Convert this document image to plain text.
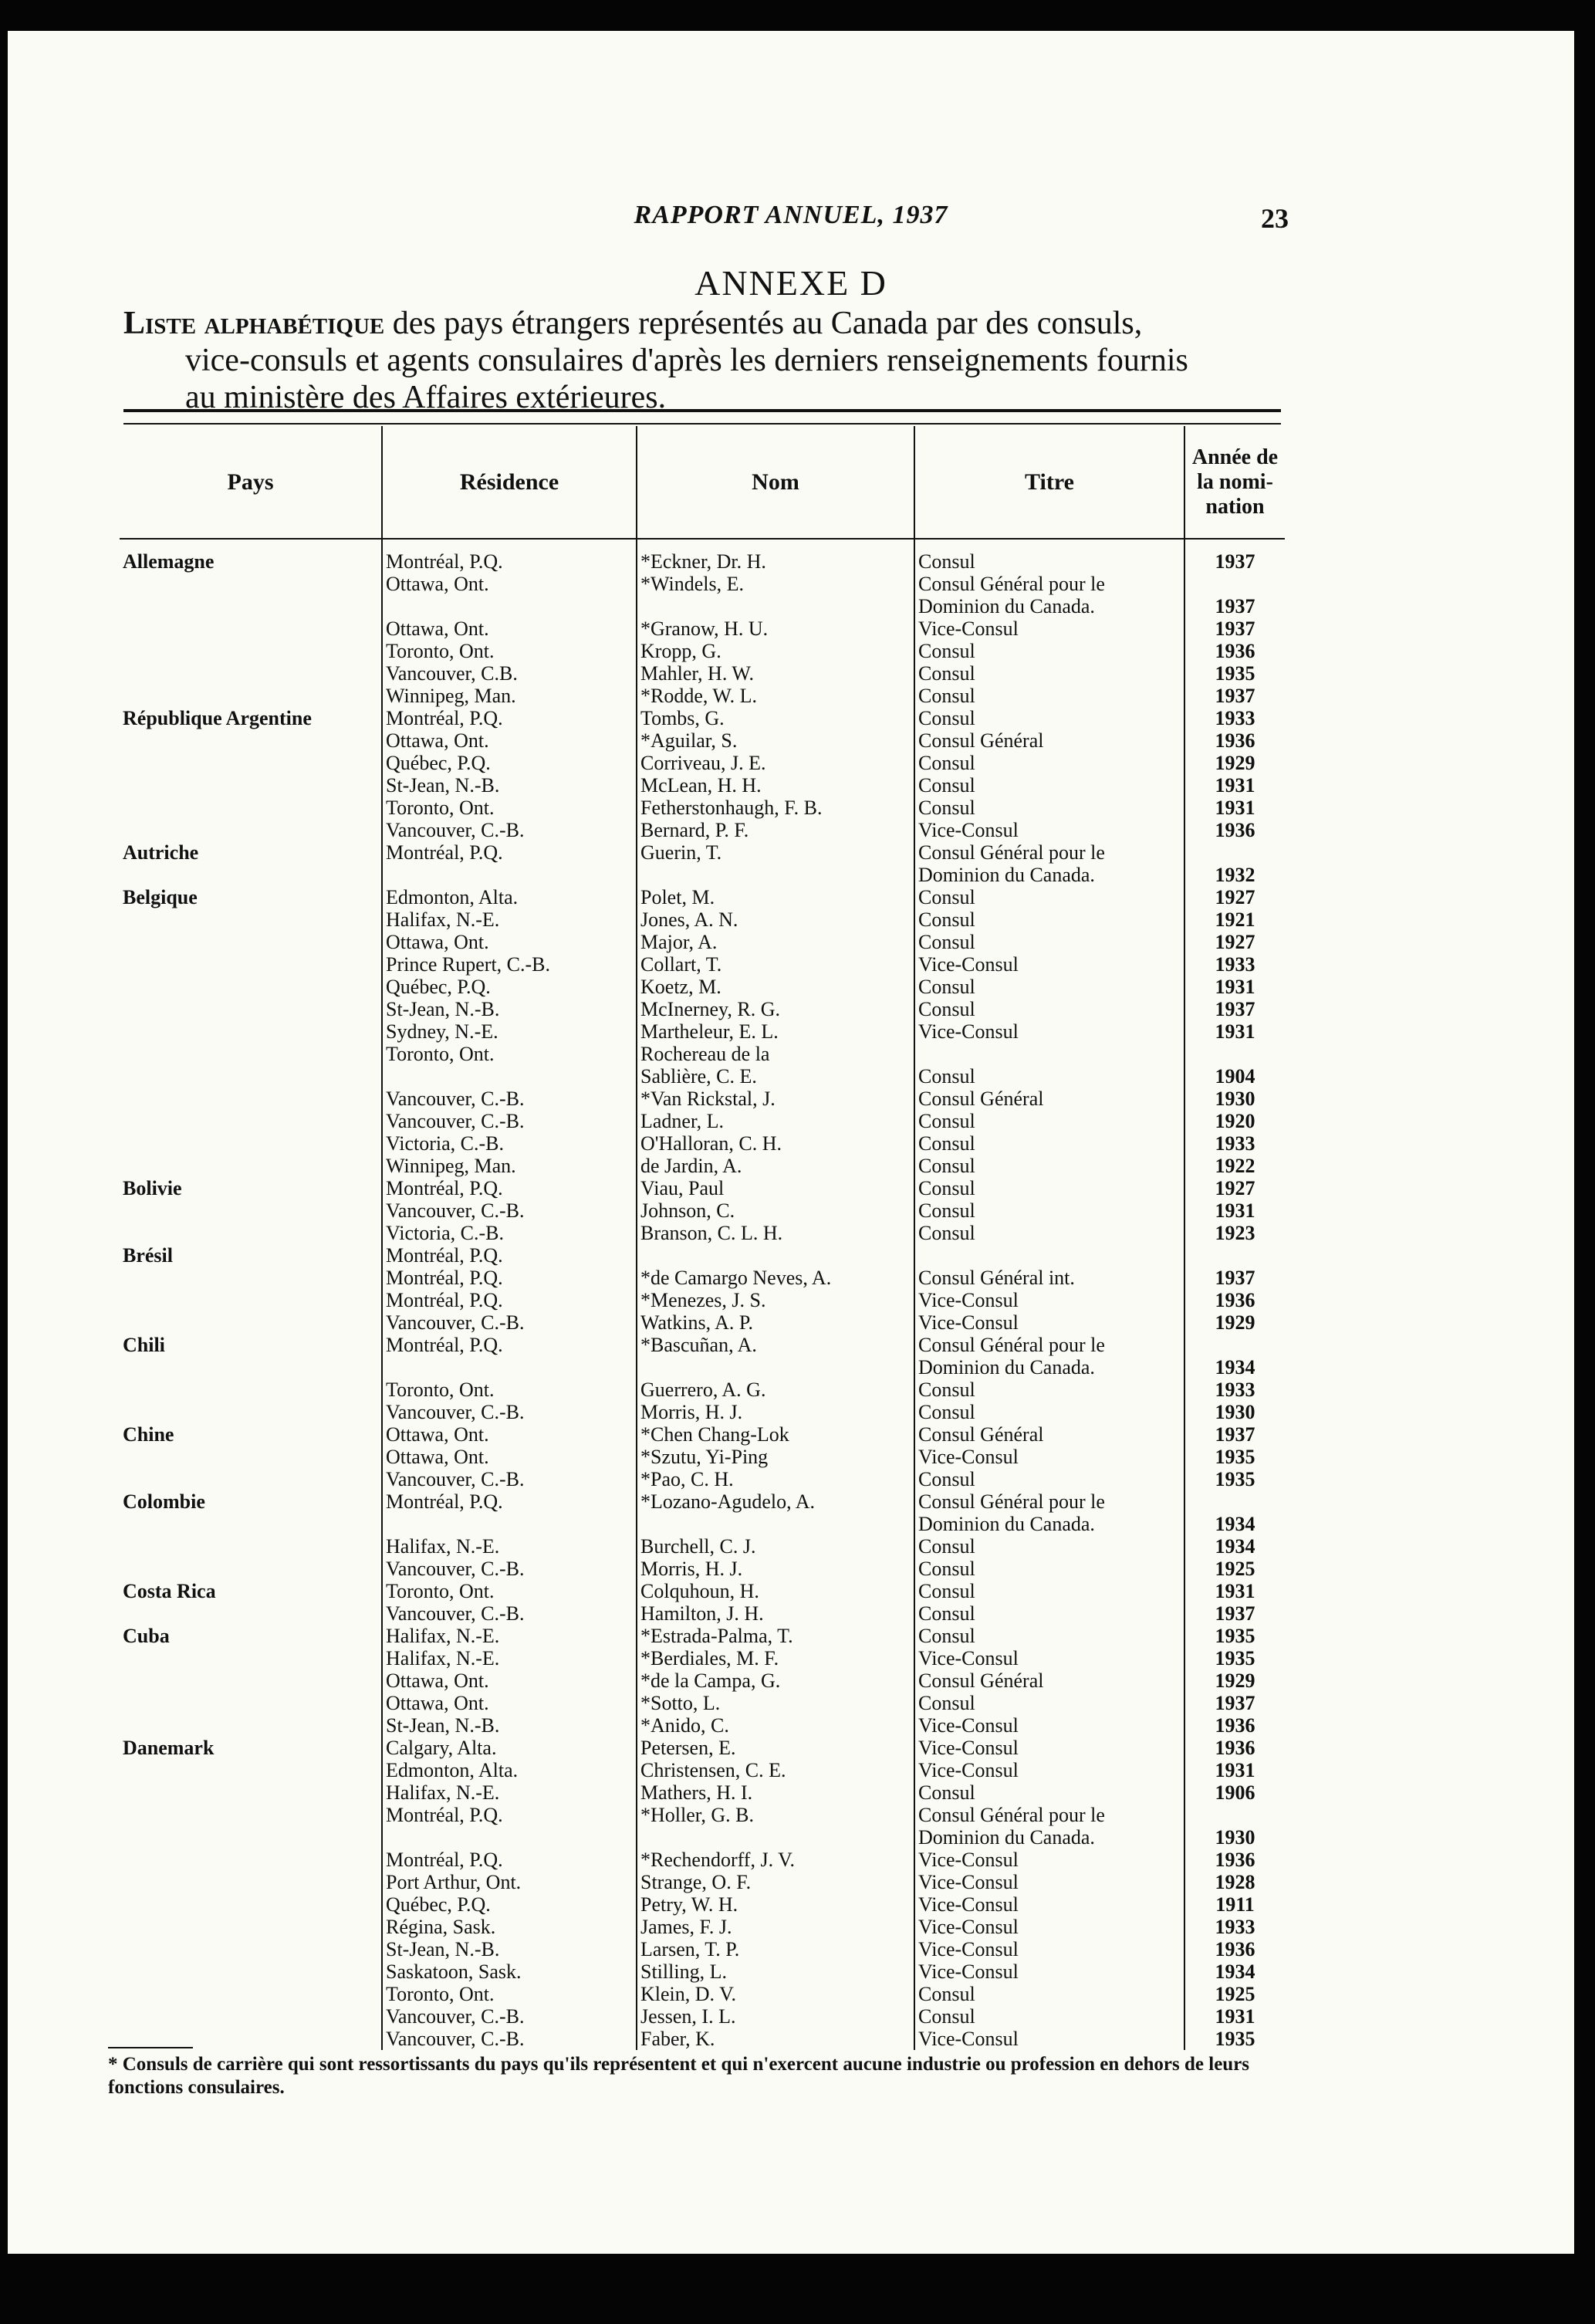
RAPPORT ANNUEL, 1937	23
ANNEXE D
Liste alphabétique des pays étrangers représentés au Canada par des consuls,
vice-consuls et agents consulaires d'après les derniers renseignements fournis
au ministère des Affaires extérieures.
Pays	Résidence	Nom	Titre	Année de la nomi- nation

Allemagne	Montréal, P.Q.	*Eckner, Dr. H.	Consul	1937
	Ottawa, Ont.	*Windels, E.	Consul Général pour le	
			Dominion du Canada.	1937
	Ottawa, Ont.	*Granow, H. U.	Vice-Consul	1937
	Toronto, Ont.	Kropp, G.	Consul	1936
	Vancouver, C.B.	Mahler, H. W.	Consul	1935
	Winnipeg, Man.	*Rodde, W. L.	Consul	1937
République Argentine	Montréal, P.Q.	Tombs, G.	Consul	1933
	Ottawa, Ont.	*Aguilar, S.	Consul Général	1936
	Québec, P.Q.	Corriveau, J. E.	Consul	1929
	St-Jean, N.-B.	McLean, H. H.	Consul	1931
	Toronto, Ont.	Fetherstonhaugh, F. B.	Consul	1931
	Vancouver, C.-B.	Bernard, P. F.	Vice-Consul	1936
Autriche	Montréal, P.Q.	Guerin, T.	Consul Général pour le	
			Dominion du Canada.	1932
Belgique	Edmonton, Alta.	Polet, M.	Consul	1927
	Halifax, N.-E.	Jones, A. N.	Consul	1921
	Ottawa, Ont.	Major, A.	Consul	1927
	Prince Rupert, C.-B.	Collart, T.	Vice-Consul	1933
	Québec, P.Q.	Koetz, M.	Consul	1931
	St-Jean, N.-B.	McInerney, R. G.	Consul	1937
	Sydney, N.-E.	Martheleur, E. L.	Vice-Consul	1931
	Toronto, Ont.	Rochereau de la		
		Sablière, C. E.	Consul	1904
	Vancouver, C.-B.	*Van Rickstal, J.	Consul Général	1930
	Vancouver, C.-B.	Ladner, L.	Consul	1920
	Victoria, C.-B.	O'Halloran, C. H.	Consul	1933
	Winnipeg, Man.	de Jardin, A.	Consul	1922
Bolivie	Montréal, P.Q.	Viau, Paul	Consul	1927
	Vancouver, C.-B.	Johnson, C.	Consul	1931
	Victoria, C.-B.	Branson, C. L. H.	Consul	1923
Brésil	Montréal, P.Q.			
	Montréal, P.Q.	*de Camargo Neves, A.	Consul Général int.	1937
	Montréal, P.Q.	*Menezes, J. S.	Vice-Consul	1936
	Vancouver, C.-B.	Watkins, A. P.	Vice-Consul	1929
Chili	Montréal, P.Q.	*Bascuñan, A.	Consul Général pour le	
			Dominion du Canada.	1934
	Toronto, Ont.	Guerrero, A. G.	Consul	1933
	Vancouver, C.-B.	Morris, H. J.	Consul	1930
Chine	Ottawa, Ont.	*Chen Chang-Lok	Consul Général	1937
	Ottawa, Ont.	*Szutu, Yi-Ping	Vice-Consul	1935
	Vancouver, C.-B.	*Pao, C. H.	Consul	1935
Colombie	Montréal, P.Q.	*Lozano-Agudelo, A.	Consul Général pour le	
			Dominion du Canada.	1934
	Halifax, N.-E.	Burchell, C. J.	Consul	1934
	Vancouver, C.-B.	Morris, H. J.	Consul	1925
Costa Rica	Toronto, Ont.	Colquhoun, H.	Consul	1931
	Vancouver, C.-B.	Hamilton, J. H.	Consul	1937
Cuba	Halifax, N.-E.	*Estrada-Palma, T.	Consul	1935
	Halifax, N.-E.	*Berdiales, M. F.	Vice-Consul	1935
	Ottawa, Ont.	*de la Campa, G.	Consul Général	1929
	Ottawa, Ont.	*Sotto, L.	Consul	1937
	St-Jean, N.-B.	*Anido, C.	Vice-Consul	1936
Danemark	Calgary, Alta.	Petersen, E.	Vice-Consul	1936
	Edmonton, Alta.	Christensen, C. E.	Vice-Consul	1931
	Halifax, N.-E.	Mathers, H. I.	Consul	1906
	Montréal, P.Q.	*Holler, G. B.	Consul Général pour le	
			Dominion du Canada.	1930
	Montréal, P.Q.	*Rechendorff, J. V.	Vice-Consul	1936
	Port Arthur, Ont.	Strange, O. F.	Vice-Consul	1928
	Québec, P.Q.	Petry, W. H.	Vice-Consul	1911
	Régina, Sask.	James, F. J.	Vice-Consul	1933
	St-Jean, N.-B.	Larsen, T. P.	Vice-Consul	1936
	Saskatoon, Sask.	Stilling, L.	Vice-Consul	1934
	Toronto, Ont.	Klein, D. V.	Consul	1925
	Vancouver, C.-B.	Jessen, I. L.	Consul	1931
	Vancouver, C.-B.	Faber, K.	Vice-Consul	1935
* Consuls de carrière qui sont ressortissants du pays qu'ils représentent et qui n'exercent aucune industrie ou profession en dehors de leurs fonctions consulaires.
